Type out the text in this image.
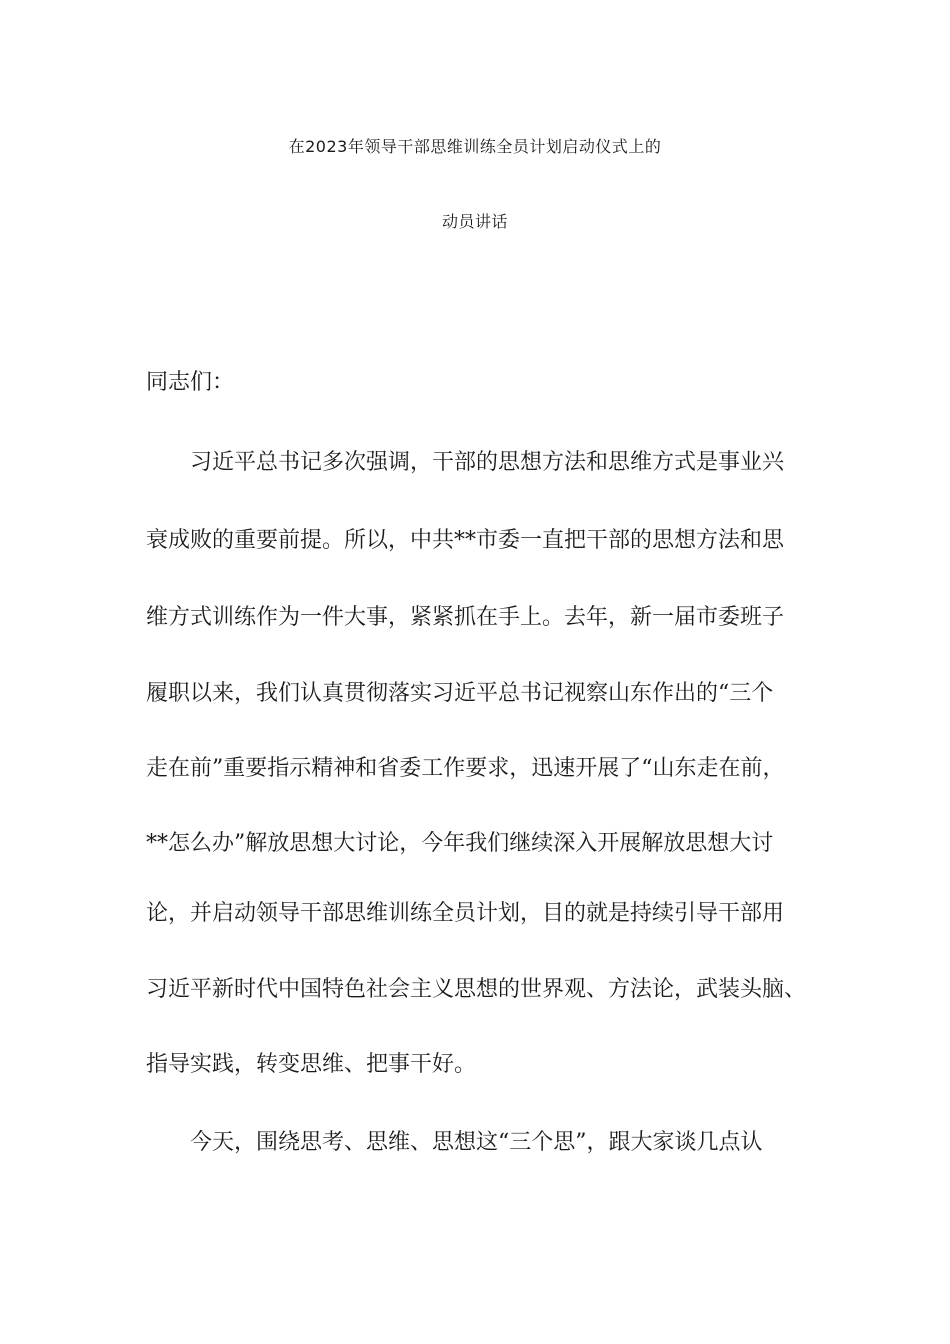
在2023年领导干部思维训练全员计划启动仪式上的
动员讲话
同志们：
习近平总书记多次强调，干部的思想方法和思维方式是事业兴
衰成败的重要前提。所以，中共**市委一直把干部的思想方法和思
维方式训练作为一件大事，紧紧抓在手上。去年，新一届市委班子
履职以来，我们认真贯彻落实习近平总书记视察山东作出的“三个
走在前”重要指示精神和省委工作要求，迅速开展了“山东走在前，
**怎么办”解放思想大讨论，今年我们继续深入开展解放思想大讨
论，并启动领导干部思维训练全员计划，目的就是持续引导干部用
习近平新时代中国特色社会主义思想的世界观、方法论，武装头脑、
指导实践，转变思维、把事干好。
今天，围绕思考、思维、思想这“三个思”，跟大家谈几点认
